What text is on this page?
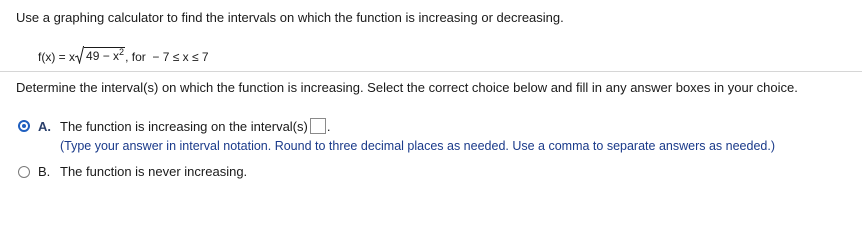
Use a graphing calculator to find the intervals on which the function is increasing or decreasing.
f(x) = x $49 - x^2$ , for  − 7 ≤ x ≤ 7
Determine the interval(s) on which the function is increasing. Select the correct choice below and fill in any answer boxes in your choice.
A. The function is increasing on the interval(s) .
(Type your answer in interval notation. Round to three decimal places as needed. Use a comma to separate answers as needed.)
B. The function is never increasing.
